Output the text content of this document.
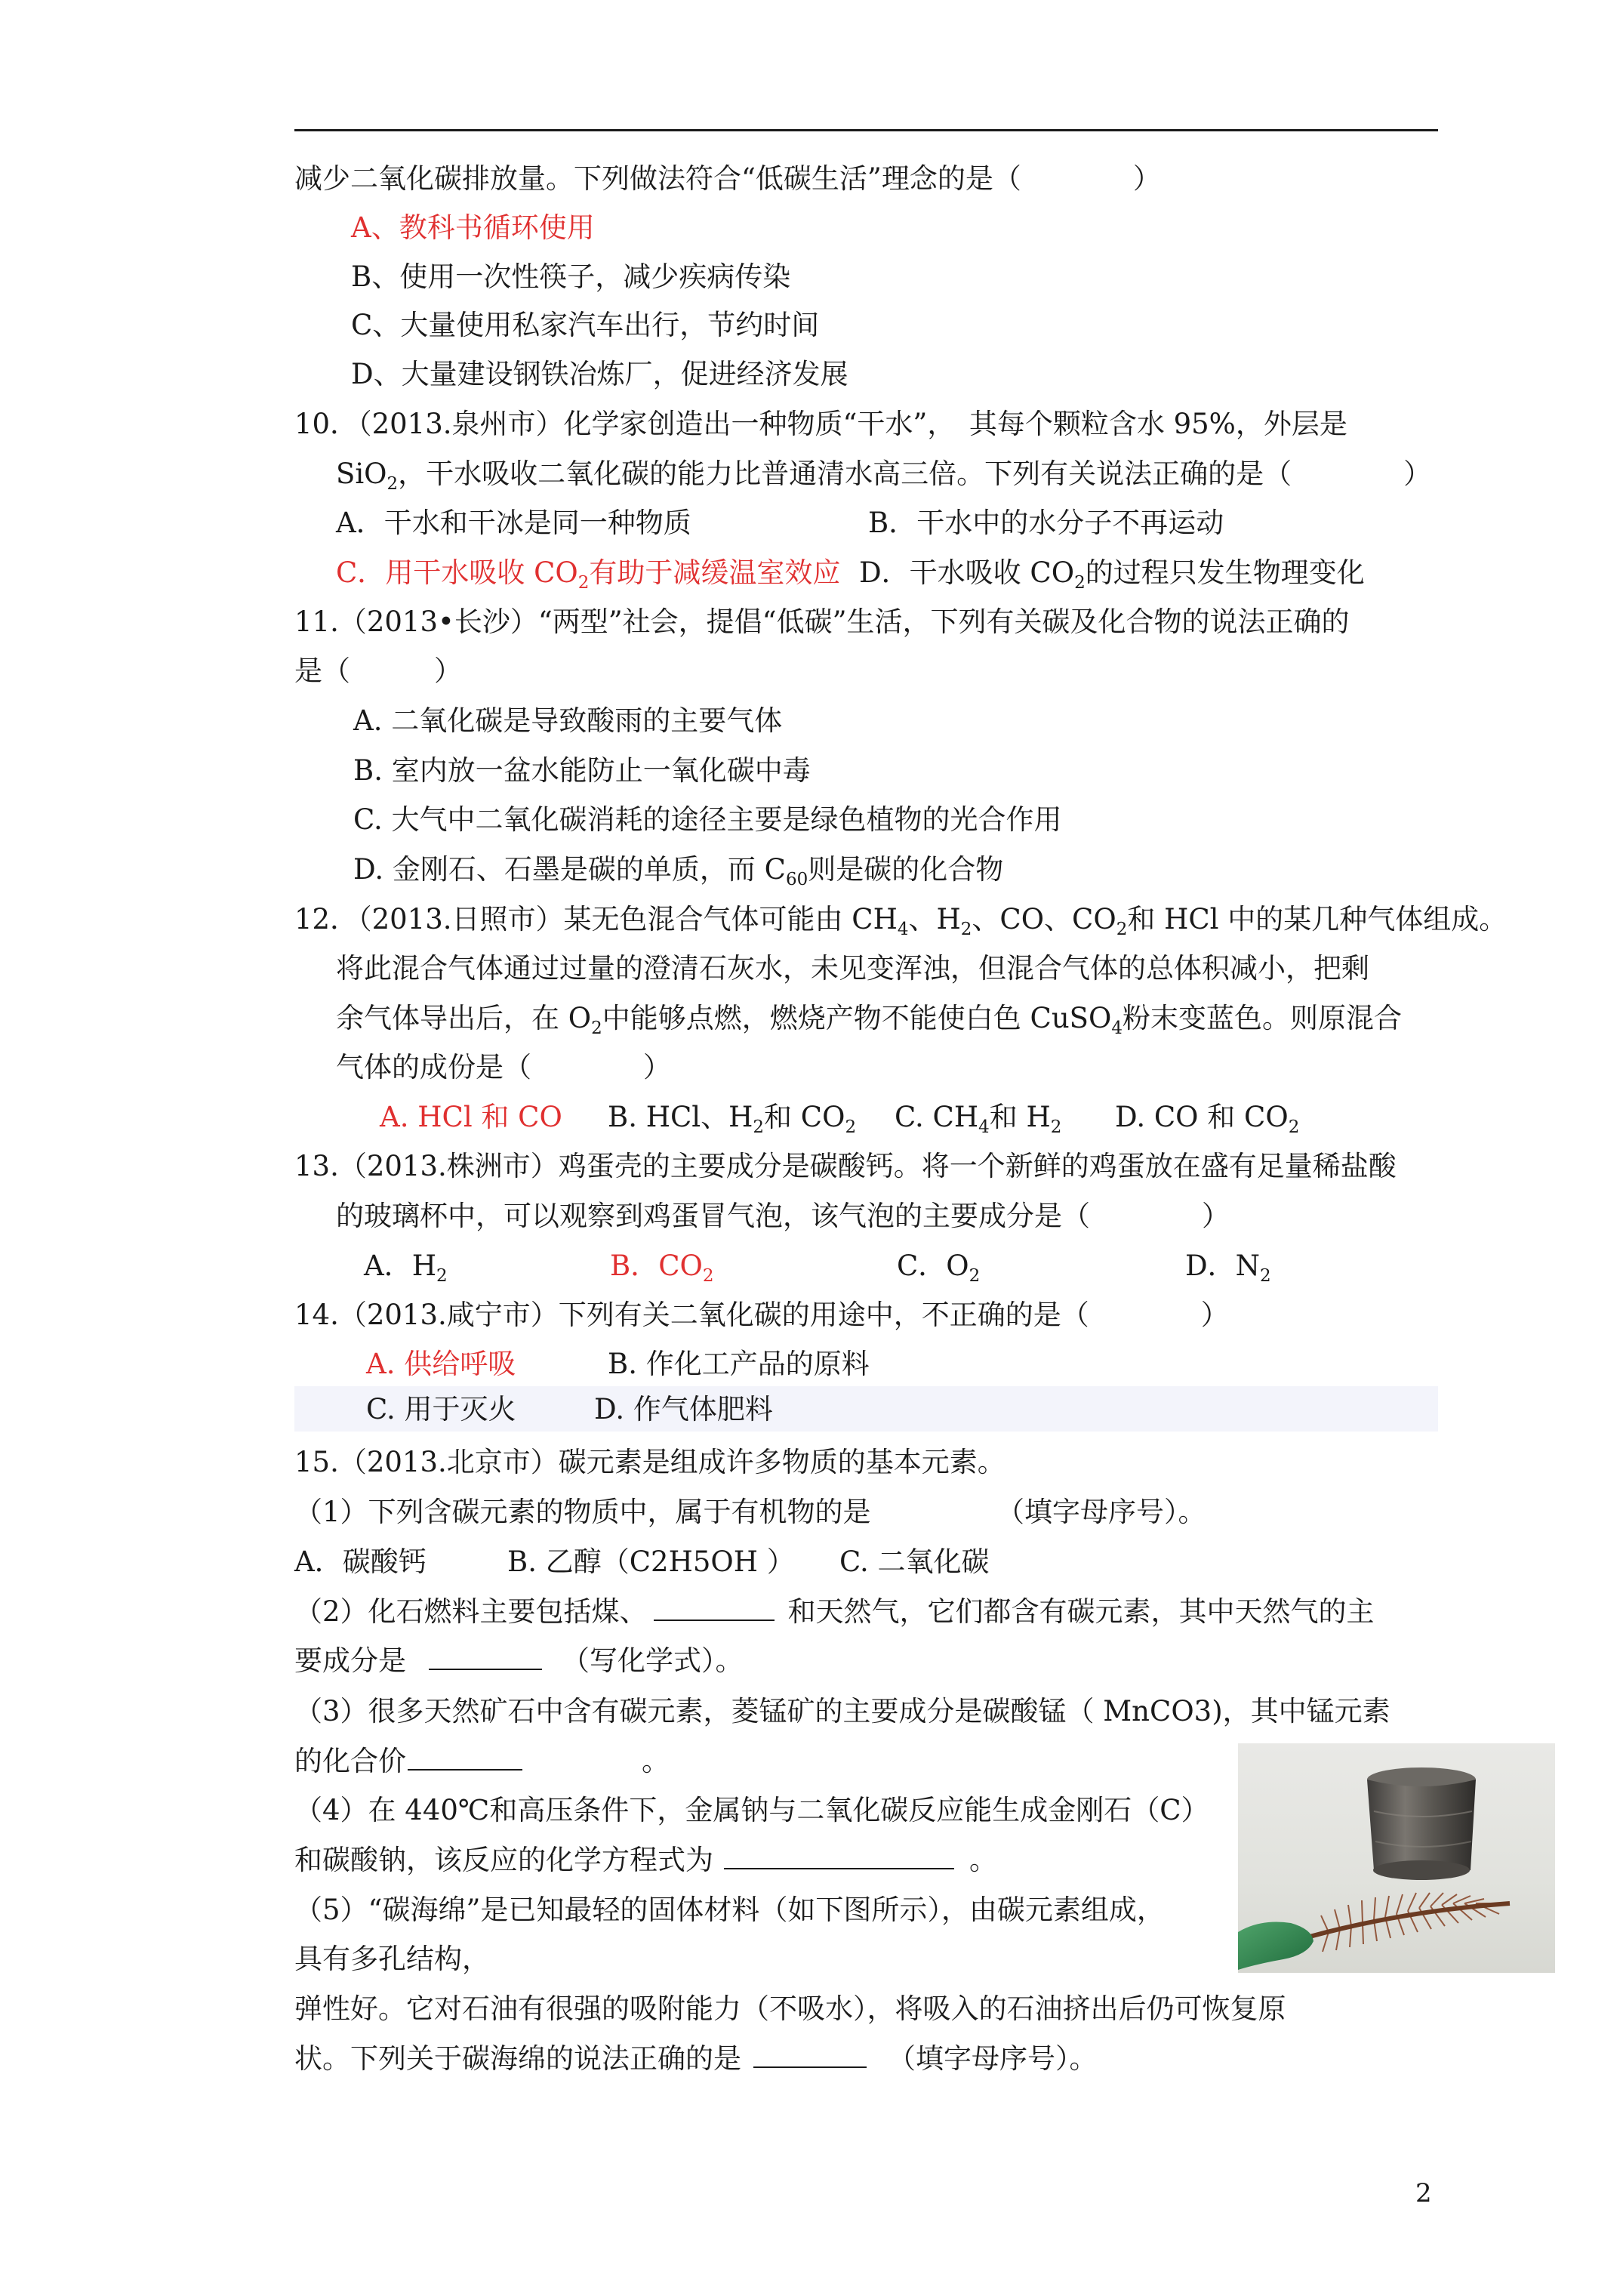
减少二氧化碳排放量。下列做法符合“低碳生活”理念的是（　　　　）
A、教科书循环使用
B、使用一次性筷子，减少疾病传染
C、大量使用私家汽车出行，节约时间
D、大量建设钢铁冶炼厂，促进经济发展
10．（2013.泉州市）化学家创造出一种物质“干水”，　其每个颗粒含水 95%，外层是
SiO$_2$，干水吸收二氧化碳的能力比普通清水高三倍。下列有关说法正确的是（　　　　）
A．干水和干冰是同一种物质	B．干水中的水分子不再运动
C．用干水吸收 $CO_2$有助于减缓温室效应 D．干水吸收 $CO_2$的过程只发生物理变化
11.（2013•长沙）“两型”社会，提倡“低碳”生活，下列有关碳及化合物的说法正确的
是（　　　）
A. 二氧化碳是导致酸雨的主要气体
B. 室内放一盆水能防止一氧化碳中毒
C. 大气中二氧化碳消耗的途径主要是绿色植物的光合作用
D. 金刚石、石墨是碳的单质，而 $C_{60}$则是碳的化合物
12．（2013.日照市）某无色混合气体可能由 $CH_4$、$H_2$、CO、$CO_2$和 HCl 中的某几种气体组成。
将此混合气体通过过量的澄清石灰水，未见变浑浊，但混合气体的总体积减小，把剩
余气体导出后，在 $O_2$中能够点燃，燃烧产物不能使白色 CuSO$_4$粉末变蓝色。则原混合
气体的成份是（　　　　）
A. HCl 和 CO B. HCl、$H_2$和 $CO_2$ C. $CH_4$和 $H_2$ D. CO 和 $CO_2$
13.（2013.株洲市）鸡蛋壳的主要成分是碳酸钙。将一个新鲜的鸡蛋放在盛有足量稀盐酸
的玻璃杯中，可以观察到鸡蛋冒气泡，该气泡的主要成分是（　　　　）
A．$H_2$	B．$CO_2$	C．$O_2$	D．$N_2$
14.（2013.咸宁市）下列有关二氧化碳的用途中，不正确的是（　　　　）
A. 供给呼吸	B. 作化工产品的原料
C. 用于灭火	D. 作气体肥料
15.（2013.北京市）碳元素是组成许多物质的基本元素。
（1）下列含碳元素的物质中，属于有机物的是　　　　　（填字母序号）。
A．碳酸钙	B. 乙醇（C2H5OH ） C. 二氧化碳
（2）化石燃料主要包括煤、	和天然气，它们都含有碳元素，其中天然气的主
要成分是	（写化学式）。
（3）很多天然矿石中含有碳元素，菱锰矿的主要成分是碳酸锰（ MnCO3)，其中锰元素
的化合价	。
（4）在 440℃和高压条件下，金属钠与二氧化碳反应能生成金刚石（C）
和碳酸钠，该反应的化学方程式为	。
（5）“碳海绵”是已知最轻的固体材料（如下图所示），由碳元素组成，
具有多孔结构，
弹性好。它对石油有很强的吸附能力（不吸水），将吸入的石油挤出后仍可恢复原
状。下列关于碳海绵的说法正确的是	（填字母序号）。
2
